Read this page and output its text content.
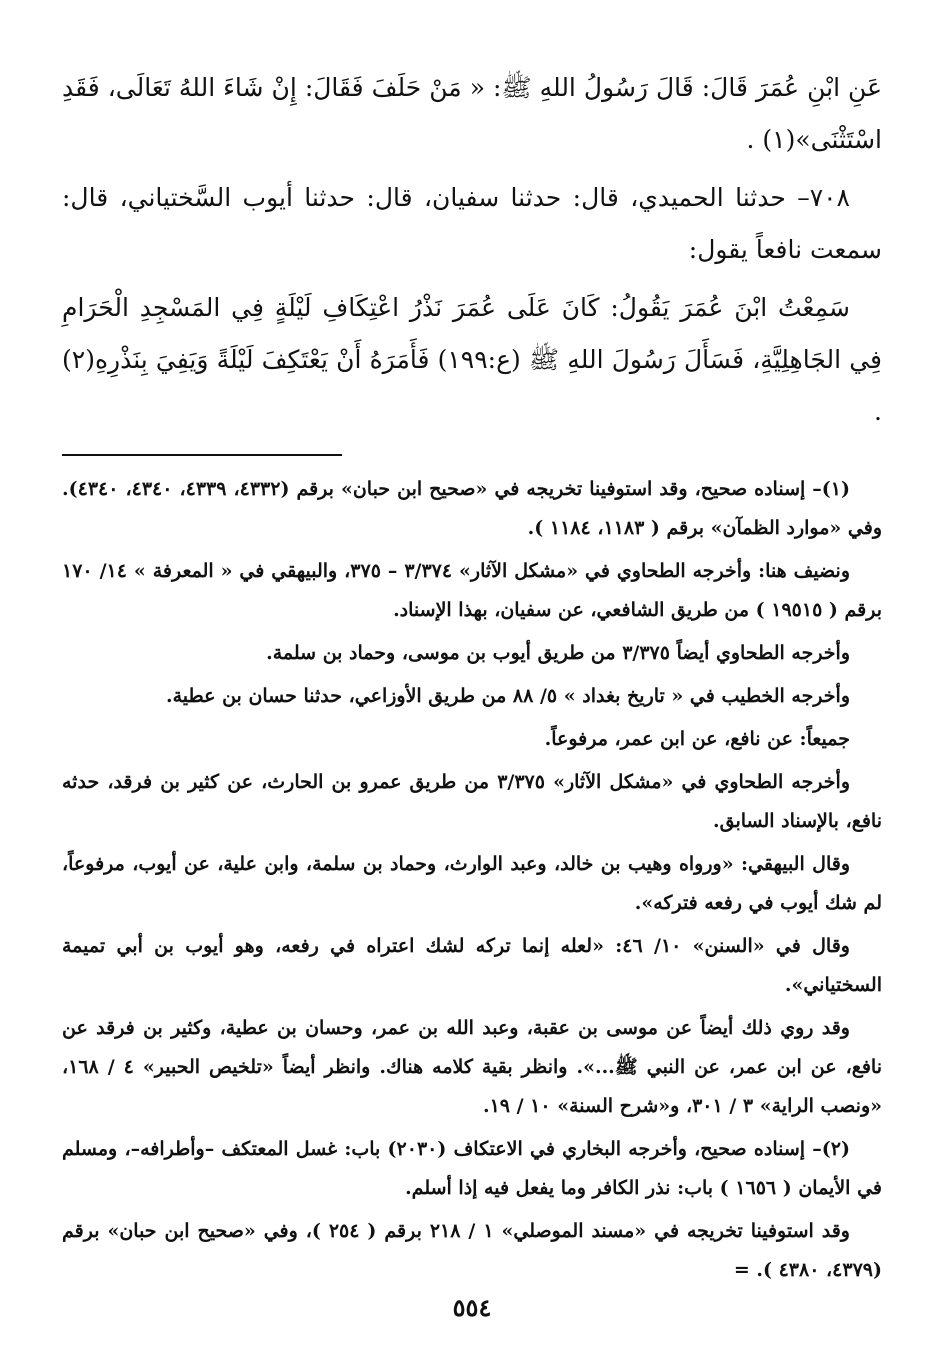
عَنِ ابْنِ عُمَرَ قَالَ: قَالَ رَسُولُ اللهِ ﷺ: « مَنْ حَلَفَ فَقَالَ: إِنْ شَاءَ اللهُ تَعَالَى، فَقَدِ اسْتَثْنَى»(١) .

٧٠٨– حدثنا الحميدي، قال: حدثنا سفيان، قال: حدثنا أيوب السَّختياني، قال: سمعت نافعاً يقول:

سَمِعْتُ ابْنَ عُمَرَ يَقُولُ: كَانَ عَلَى عُمَرَ نَذْرُ اعْتِكَافِ لَيْلَةٍ فِي المَسْجِدِ الْحَرَامِ فِي الجَاهِلِيَّةِ، فَسَأَلَ رَسُولَ اللهِ ﷺ (ع:١٩٩) فَأَمَرَهُ أَنْ يَعْتَكِفَ لَيْلَةً وَيَفِيَ بِنَذْرِهِ(٢) .

(١)– إسناده صحيح، وقد استوفينا تخريجه في «صحيح ابن حبان» برقم (٤٣٣٢، ٤٣٣٩، ٤٣٤٠، ٤٣٤٠). وفي «موارد الظمآن» برقم ( ١١٨٣، ١١٨٤ ).

ونضيف هنا: وأخرجه الطحاوي في «مشكل الآثار» ٣/٣٧٤ – ٣٧٥، والبيهقي في « المعرفة » ١٤/ ١٧٠ برقم ( ١٩٥١٥ ) من طريق الشافعي، عن سفيان، بهذا الإسناد.

وأخرجه الطحاوي أيضاً ٣/٣٧٥ من طريق أيوب بن موسى، وحماد بن سلمة.

وأخرجه الخطيب في « تاريخ بغداد » ٥/ ٨٨ من طريق الأوزاعي، حدثنا حسان بن عطية.

جميعاً: عن نافع، عن ابن عمر، مرفوعاً.

وأخرجه الطحاوي في «مشكل الآثار» ٣/٣٧٥ من طريق عمرو بن الحارث، عن كثير بن فرقد، حدثه نافع، بالإسناد السابق.

وقال البيهقي: «ورواه وهيب بن خالد، وعبد الوارث، وحماد بن سلمة، وابن علية، عن أيوب، مرفوعاً، لم شك أيوب في رفعه فتركه».

وقال في «السنن» ١٠/ ٤٦: «لعله إنما تركه لشك اعتراه في رفعه، وهو أيوب بن أبي تميمة السختياني».

وقد روي ذلك أيضاً عن موسى بن عقبة، وعبد الله بن عمر، وحسان بن عطية، وكثير بن فرقد عن نافع، عن ابن عمر، عن النبي ﷺ...». وانظر بقية كلامه هناك. وانظر أيضاً «تلخيص الحبير» ٤ / ١٦٨، «ونصب الراية» ٣ / ٣٠١، و«شرح السنة» ١٠ / ١٩.

(٢)– إسناده صحيح، وأخرجه البخاري في الاعتكاف (٢٠٣٠) باب: غسل المعتكف –وأطرافه–، ومسلم في الأيمان ( ١٦٥٦ ) باب: نذر الكافر وما يفعل فيه إذا أسلم.

وقد استوفينا تخريجه في «مسند الموصلي» ١ / ٢١٨ برقم ( ٢٥٤ )، وفي «صحيح ابن حبان» برقم (٤٣٧٩، ٤٣٨٠ ). =

٥٥٤
